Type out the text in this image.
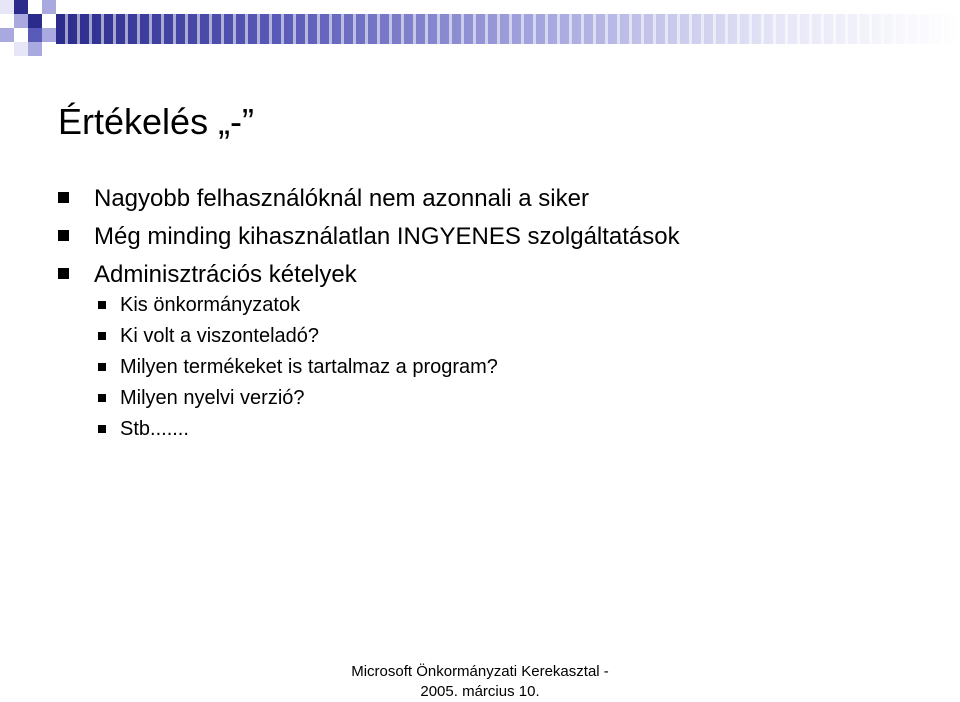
Értékelés „-”
Nagyobb felhasználóknál nem azonnali a siker
Még minding kihasználatlan INGYENES szolgáltatások
Adminisztrációs kételyek
Kis önkormányzatok
Ki volt a viszonteladó?
Milyen termékeket is tartalmaz a program?
Milyen nyelvi verzió?
Stb.......
Microsoft Önkormányzati Kerekasztal -
2005. március 10.
